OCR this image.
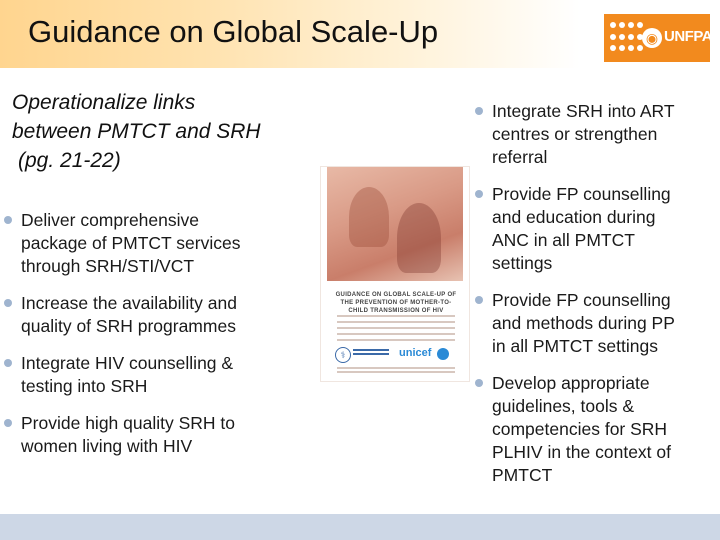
Guidance on Global Scale-Up	◉ UNFPA
Operationalize links
between PMTCT and SRH
(pg. 21-22)
Deliver comprehensive
package of PMTCT services
through SRH/STI/VCT
Increase the availability and
quality of SRH programmes
Integrate HIV counselling &
testing into SRH
Provide high quality SRH to
women living with HIV
GUIDANCE ON GLOBAL SCALE-UP OF THE PREVENTION OF MOTHER-TO-CHILD TRANSMISSION OF HIV
⚕	unicef
Integrate SRH into ART
centres or strengthen
referral
Provide FP counselling
and education during
ANC in all PMTCT
settings
Provide FP counselling
and methods during PP
in all PMTCT settings
Develop appropriate
guidelines, tools &
competencies for SRH
PLHIV in the context of
PMTCT
